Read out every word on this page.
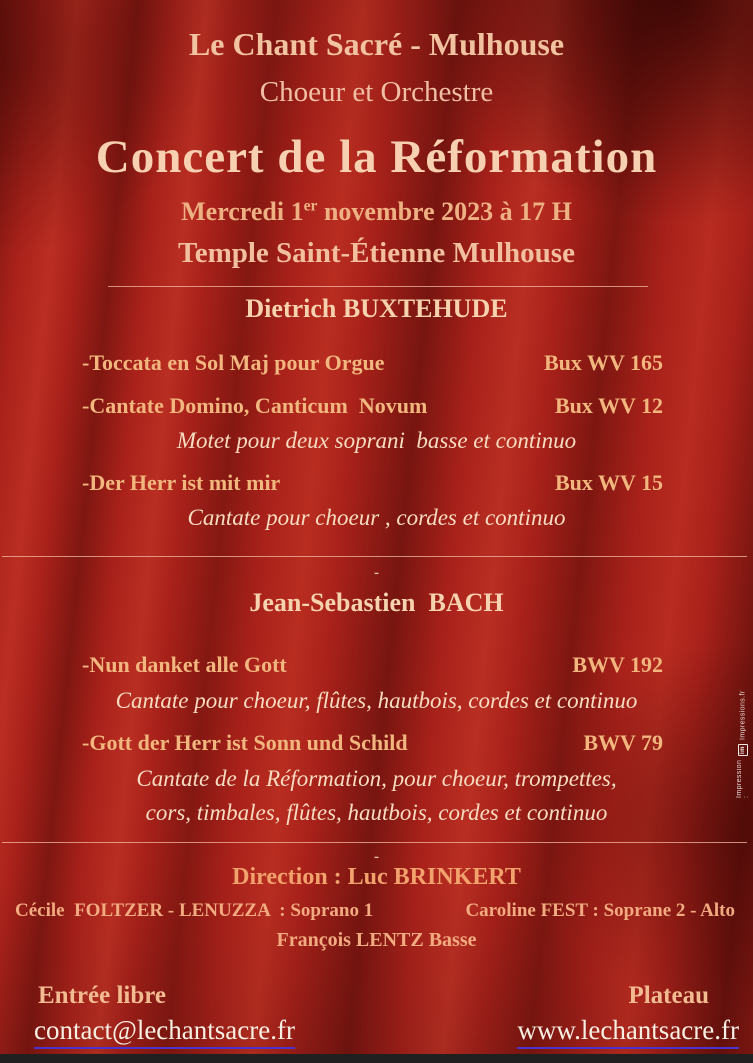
Le Chant Sacré - Mulhouse
Choeur et Orchestre
Concert de la Réformation
Mercredi 1er novembre 2023 à 17 H
Temple Saint-Étienne Mulhouse
Dietrich BUXTEHUDE
-Toccata en Sol Maj pour Orgue	Bux WV 165
-Cantate Domino, Canticum  Novum	Bux WV 12
Motet pour deux soprani  basse et continuo
-Der Herr ist mit mir	Bux WV 15
Cantate pour choeur , cordes et continuo
-
Jean-Sebastien  BACH
-Nun danket alle Gott	BWV 192
Cantate pour choeur, flûtes, hautbois, cordes et continuo
-Gott der Herr ist Sonn und Schild	BWV 79
Cantate de la Réformation, pour choeur, trompettes,
cors, timbales, flûtes, hautbois, cordes et continuo
-
Direction : Luc BRINKERT
Cécile  FOLTZER - LENUZZA  : Soprano 1	Caroline FEST : Soprane 2 - Alto
François LENTZ Basse
Entrée libre	Plateau
contact@lechantsacre.fr	www.lechantsacre.fr
Impression :
im
Impressions.fr
